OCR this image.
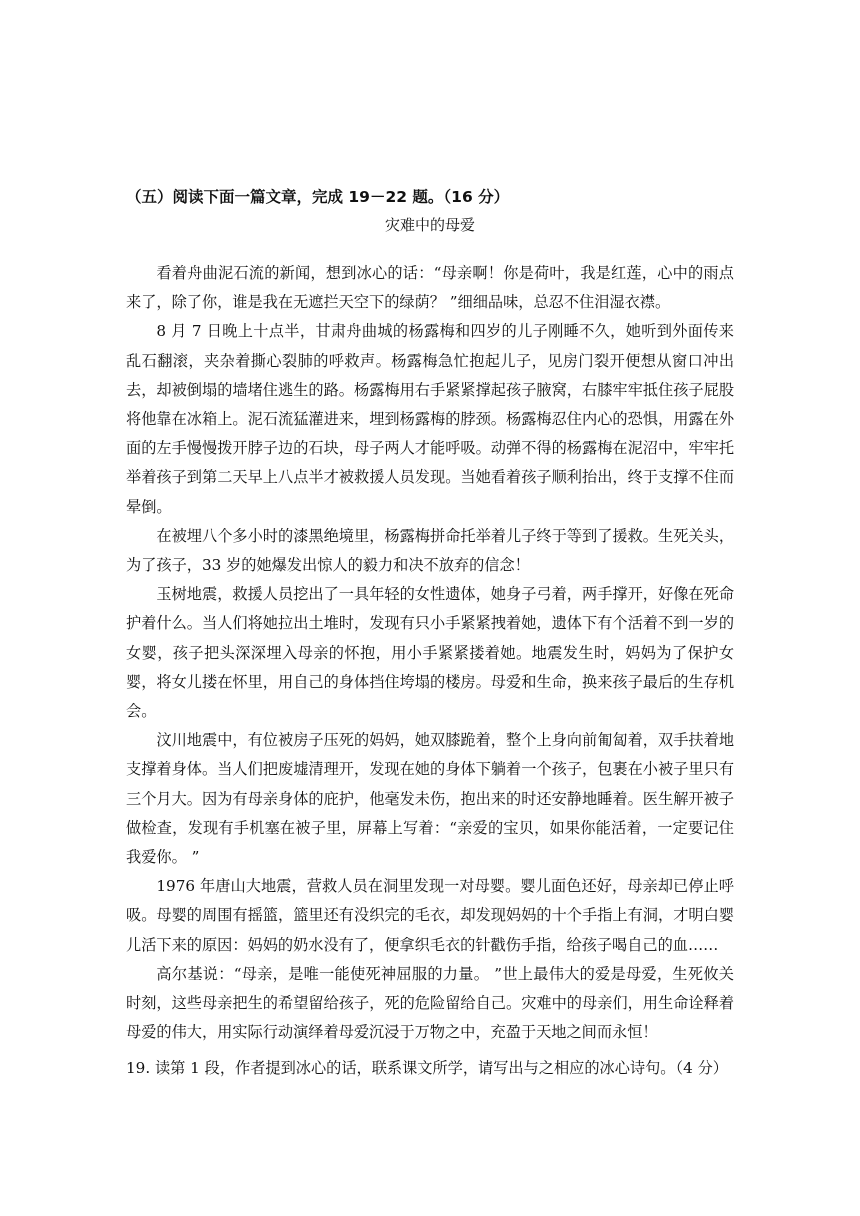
（五）阅读下面一篇文章，完成 19－22 题。（16 分）
灾难中的母爱

看着舟曲泥石流的新闻，想到冰心的话：“母亲啊！你是荷叶，我是红莲，心中的雨点来了，除了你，谁是我在无遮拦天空下的绿荫？ ”细细品味，总忍不住泪湿衣襟。

8 月 7 日晚上十点半，甘肃舟曲城的杨露梅和四岁的儿子刚睡不久，她听到外面传来乱石翻滚，夹杂着撕心裂肺的呼救声。杨露梅急忙抱起儿子，见房门裂开便想从窗口冲出去，却被倒塌的墙堵住逃生的路。杨露梅用右手紧紧撑起孩子腋窝，右膝牢牢抵住孩子屁股将他靠在冰箱上。泥石流猛灌进来，埋到杨露梅的脖颈。杨露梅忍住内心的恐惧，用露在外面的左手慢慢拨开脖子边的石块，母子两人才能呼吸。动弹不得的杨露梅在泥沼中，牢牢托举着孩子到第二天早上八点半才被救援人员发现。当她看着孩子顺利抬出，终于支撑不住而晕倒。

在被埋八个多小时的漆黑绝境里，杨露梅拼命托举着儿子终于等到了援救。生死关头，为了孩子，33 岁的她爆发出惊人的毅力和决不放弃的信念！

玉树地震，救援人员挖出了一具年轻的女性遗体，她身子弓着，两手撑开，好像在死命护着什么。当人们将她拉出土堆时，发现有只小手紧紧拽着她，遗体下有个活着不到一岁的女婴，孩子把头深深埋入母亲的怀抱，用小手紧紧搂着她。地震发生时，妈妈为了保护女婴，将女儿搂在怀里，用自己的身体挡住垮塌的楼房。母爱和生命，换来孩子最后的生存机会。

汶川地震中，有位被房子压死的妈妈，她双膝跪着，整个上身向前匍匐着，双手扶着地支撑着身体。当人们把废墟清理开，发现在她的身体下躺着一个孩子，包裹在小被子里只有三个月大。因为有母亲身体的庇护，他毫发未伤，抱出来的时还安静地睡着。医生解开被子做检查，发现有手机塞在被子里，屏幕上写着：“亲爱的宝贝，如果你能活着，一定要记住我爱你。 ”

1976 年唐山大地震，营救人员在洞里发现一对母婴。婴儿面色还好，母亲却已停止呼吸。母婴的周围有摇篮，篮里还有没织完的毛衣，却发现妈妈的十个手指上有洞，才明白婴儿活下来的原因：妈妈的奶水没有了，便拿织毛衣的针戳伤手指，给孩子喝自己的血……

高尔基说：“母亲，是唯一能使死神屈服的力量。 ”世上最伟大的爱是母爱，生死攸关时刻，这些母亲把生的希望留给孩子，死的危险留给自己。灾难中的母亲们，用生命诠释着母爱的伟大，用实际行动演绎着母爱沉浸于万物之中，充盈于天地之间而永恒！

19. 读第 1 段，作者提到冰心的话，联系课文所学，请写出与之相应的冰心诗句。（4 分）
